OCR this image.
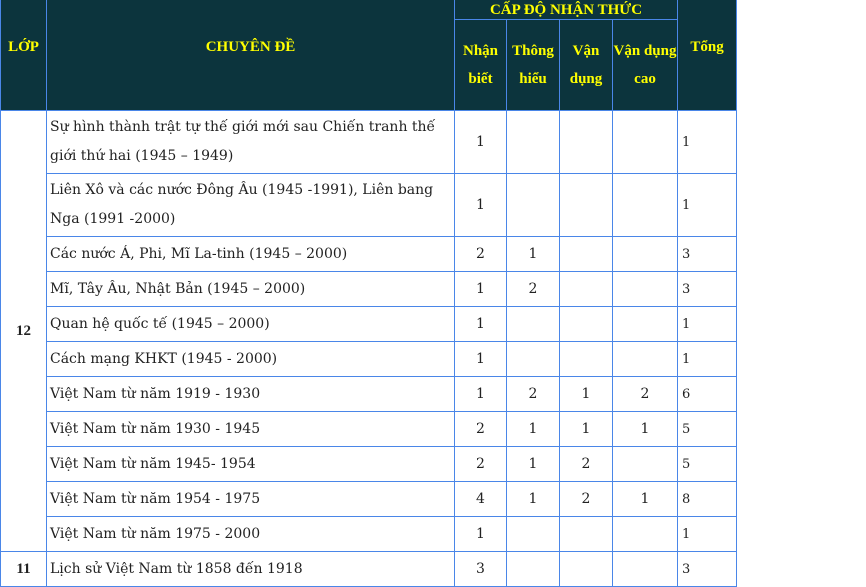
LỚP	CHUYÊN ĐỀ	CẤP ĐỘ NHẬN THỨC				Tổng
		Nhận biết	Thông hiểu	Vận dụng	Vận dụng cao	
12	Sự hình thành trật tự thế giới mới sau Chiến tranh thế giới thứ hai (1945 – 1949)	1				1
	Liên Xô và các nước Đông Âu (1945 -1991), Liên bang Nga (1991 -2000)	1				1
	Các nước Á, Phi, Mĩ La-tinh (1945 – 2000)	2	1			3
	Mĩ, Tây Âu, Nhật Bản (1945 – 2000)	1	2			3
	Quan hệ quốc tế (1945 – 2000)	1				1
	Cách mạng KHKT (1945 - 2000)	1				1
	Việt Nam từ năm 1919 - 1930	1	2	1	2	6
	Việt Nam từ năm 1930 - 1945	2	1	1	1	5
	Việt Nam từ năm 1945- 1954	2	1	2		5
	Việt Nam từ năm 1954 - 1975	4	1	2	1	8
	Việt Nam từ năm 1975 - 2000	1				1
11	Lịch sử Việt Nam từ 1858 đến 1918	3				3
